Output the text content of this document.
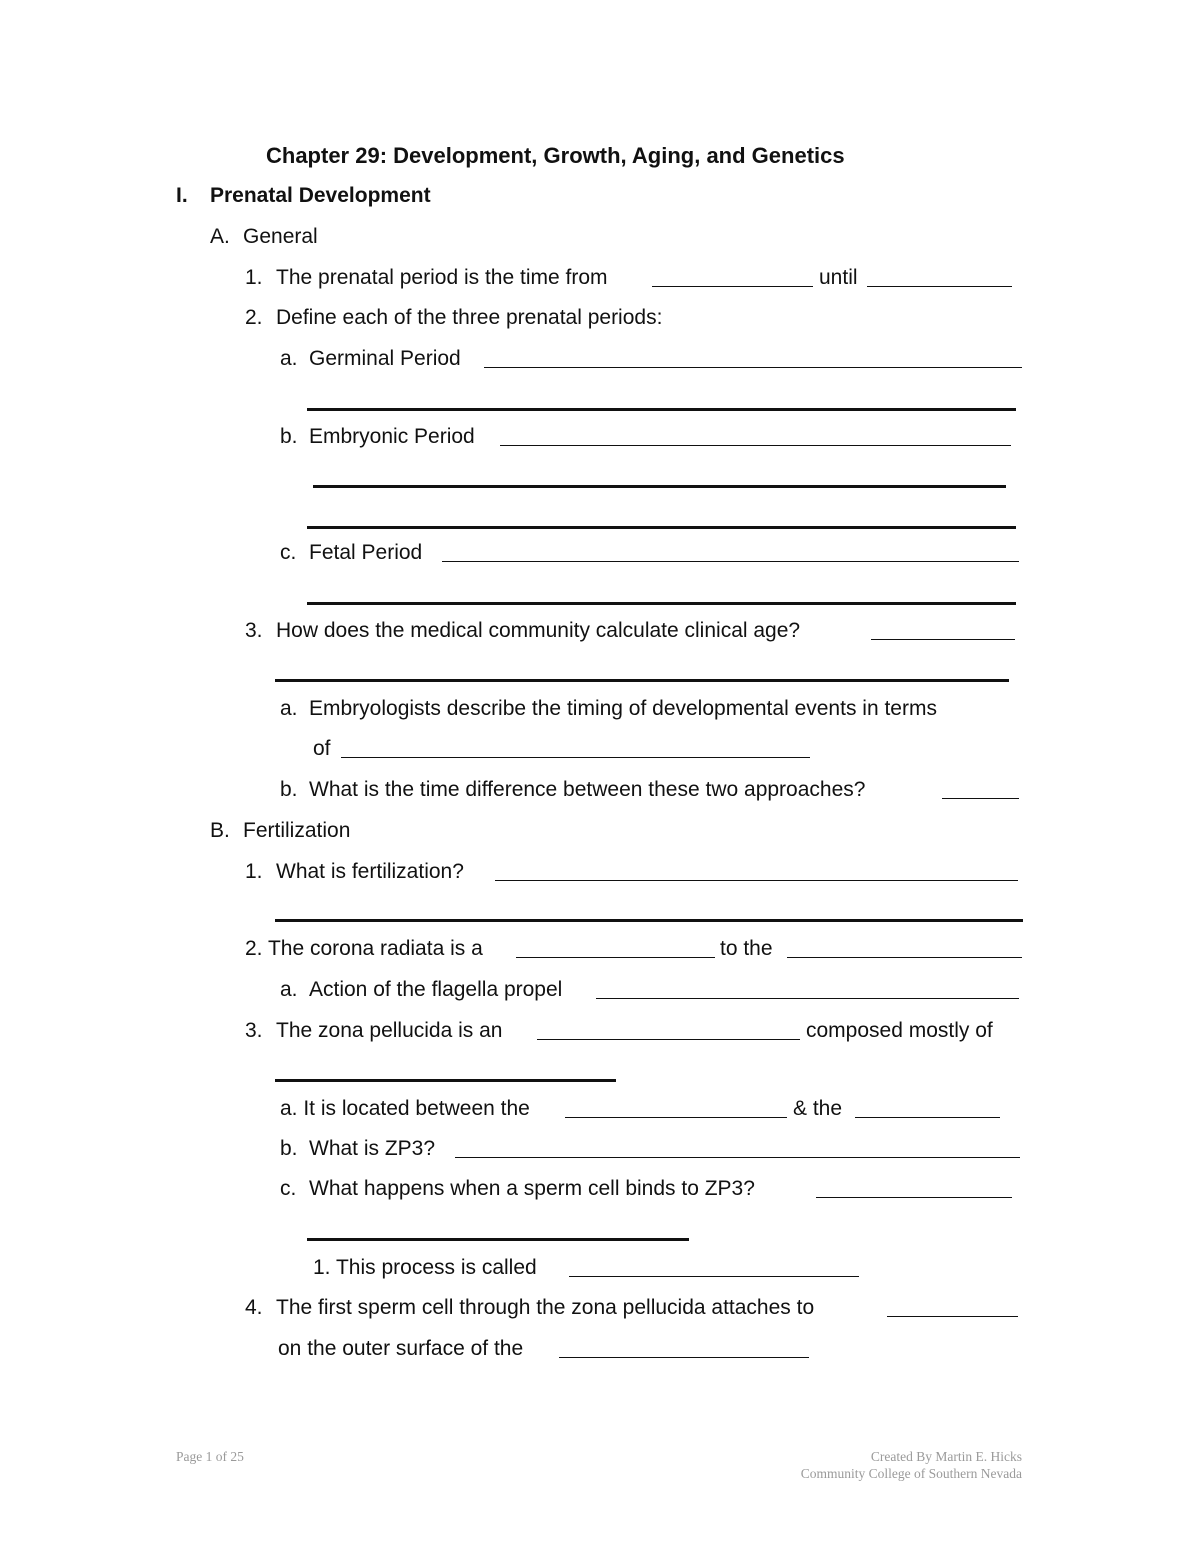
Chapter 29: Development, Growth, Aging, and Genetics
I. Prenatal Development
A. General
1. The prenatal period is the time from	until
2. Define each of the three prenatal periods:
a. Germinal Period
b. Embryonic Period
c. Fetal Period
3. How does the medical community calculate clinical age?
a. Embryologists describe the timing of developmental events in terms
of
b. What is the time difference between these two approaches?
B. Fertilization
1. What is fertilization?
2. The corona radiata is a	to the
a. Action of the flagella propel
3. The zona pellucida is an	composed mostly of
a. It is located between the	& the
b. What is ZP3?
c. What happens when a sperm cell binds to ZP3?
1. This process is called
4. The first sperm cell through the zona pellucida attaches to
on the outer surface of the
Page 1 of 25	Created By Martin E. Hicks
Community College of Southern Nevada
